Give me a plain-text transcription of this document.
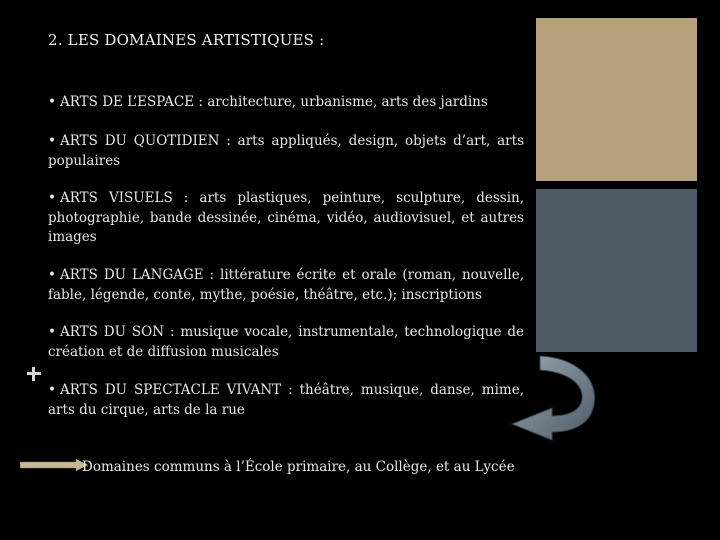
2. LES DOMAINES ARTISTIQUES :
• ARTS DE L’ESPACE : architecture, urbanisme, arts des jardins
• ARTS DU QUOTIDIEN : arts appliqués, design, objets d’art, arts populaires
• ARTS VISUELS : arts plastiques, peinture, sculpture, dessin, photographie, bande dessinée, cinéma, vidéo, audiovisuel, et autres images
• ARTS DU LANGAGE : littérature écrite et orale (roman, nouvelle, fable, légende, conte, mythe, poésie, théâtre, etc.); inscriptions
• ARTS DU SON : musique vocale, instrumentale, technologique de création et de diffusion musicales
• ARTS DU SPECTACLE VIVANT : théâtre, musique, danse, mime, arts du cirque, arts de la rue
Domaines communs à l’École primaire, au Collège, et au Lycée
